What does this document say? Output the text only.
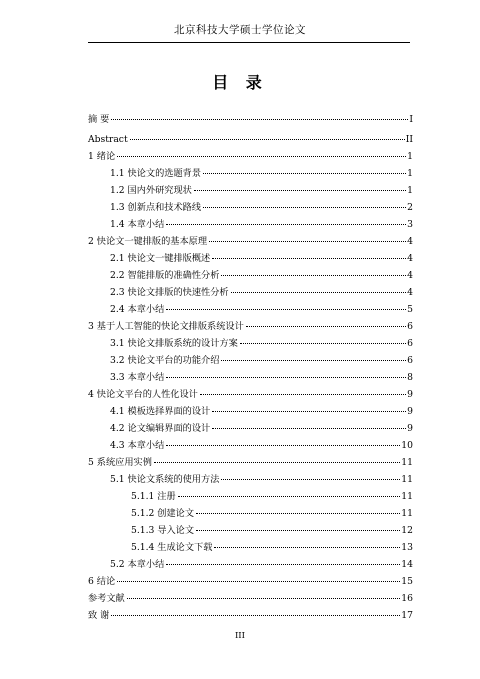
北京科技大学硕士学位论文
目 录
摘 要	I
Abstract	II
1 绪论	1
1.1 快论文的选题背景	1
1.2 国内外研究现状	1
1.3 创新点和技术路线	2
1.4 本章小结	3
2 快论文一键排版的基本原理	4
2.1 快论文一键排版概述	4
2.2 智能排版的准确性分析	4
2.3 快论文排版的快速性分析	4
2.4 本章小结	5
3 基于人工智能的快论文排版系统设计	6
3.1 快论文排版系统的设计方案	6
3.2 快论文平台的功能介绍	6
3.3 本章小结	8
4 快论文平台的人性化设计	9
4.1 模板选择界面的设计	9
4.2 论文编辑界面的设计	9
4.3 本章小结	10
5 系统应用实例	11
5.1 快论文系统的使用方法	11
5.1.1 注册	11
5.1.2 创建论文	11
5.1.3 导入论文	12
5.1.4 生成论文下载	13
5.2 本章小结	14
6 结论	15
参考文献	16
致 谢	17
III
